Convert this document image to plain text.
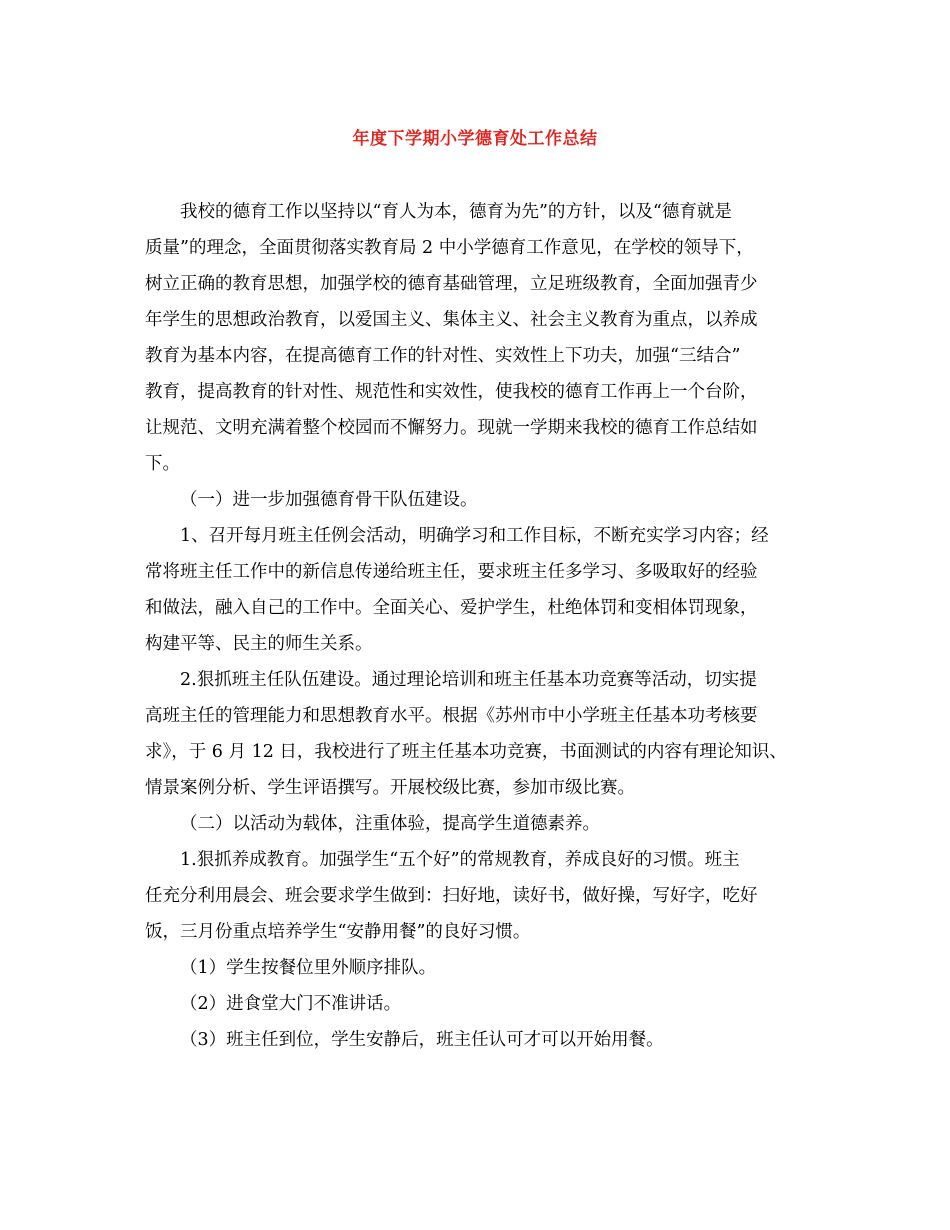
年度下学期小学德育处工作总结
我校的德育工作以坚持以“育人为本，德育为先”的方针，以及“德育就是
质量”的理念，全面贯彻落实教育局 2 中小学德育工作意见，在学校的领导下，
树立正确的教育思想，加强学校的德育基础管理，立足班级教育，全面加强青少
年学生的思想政治教育，以爱国主义、集体主义、社会主义教育为重点，以养成
教育为基本内容，在提高德育工作的针对性、实效性上下功夫，加强“三结合”
教育，提高教育的针对性、规范性和实效性，使我校的德育工作再上一个台阶，
让规范、文明充满着整个校园而不懈努力。现就一学期来我校的德育工作总结如
下。
（一）进一步加强德育骨干队伍建设。
1、召开每月班主任例会活动，明确学习和工作目标，不断充实学习内容；经
常将班主任工作中的新信息传递给班主任，要求班主任多学习、多吸取好的经验
和做法，融入自己的工作中。全面关心、爱护学生，杜绝体罚和变相体罚现象，
构建平等、民主的师生关系。
2.狠抓班主任队伍建设。通过理论培训和班主任基本功竞赛等活动，切实提
高班主任的管理能力和思想教育水平。根据《苏州市中小学班主任基本功考核要
求》，于 6 月 12 日，我校进行了班主任基本功竞赛，书面测试的内容有理论知识、
情景案例分析、学生评语撰写。开展校级比赛，参加市级比赛。
（二）以活动为载体，注重体验，提高学生道德素养。
1.狠抓养成教育。加强学生“五个好”的常规教育，养成良好的习惯。班主
任充分利用晨会、班会要求学生做到：扫好地，读好书，做好操，写好字，吃好
饭，三月份重点培养学生“安静用餐”的良好习惯。
（1）学生按餐位里外顺序排队。
（2）进食堂大门不准讲话。
（3）班主任到位，学生安静后，班主任认可才可以开始用餐。
